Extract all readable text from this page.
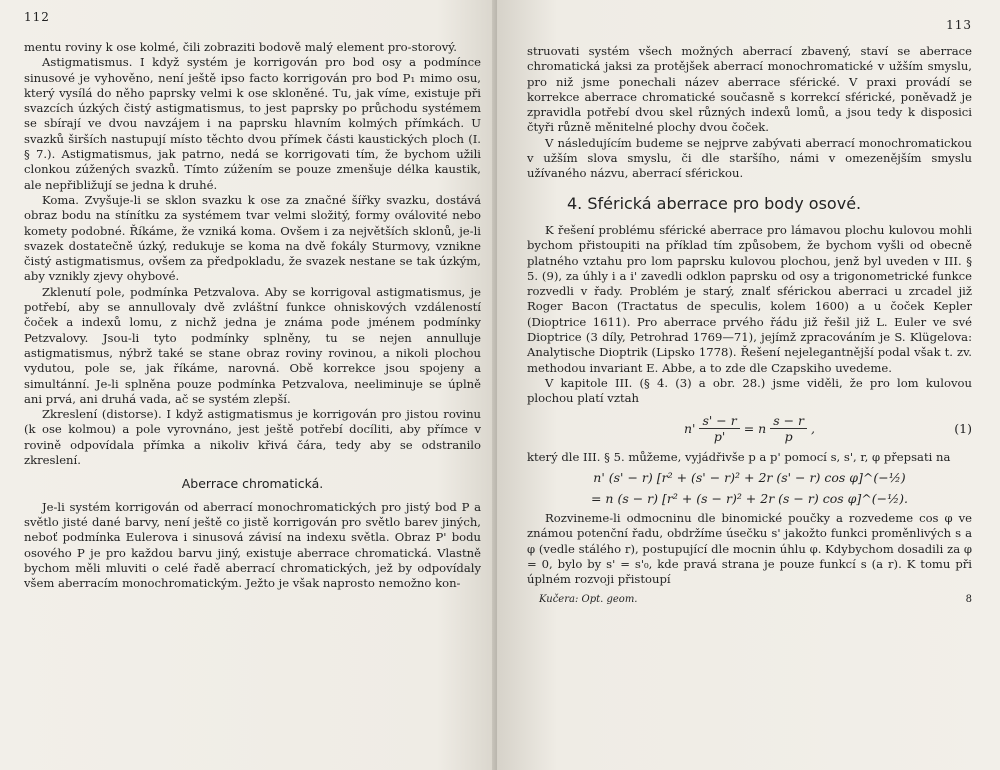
112

mentu roviny k ose kolmé, čili zobraziti bodově malý element pro-storový.

Astigmatismus. I když systém je korrigován pro bod osy a podmínce sinusové je vyhověno, není ještě ipso facto korrigován pro bod P₁ mimo osu, který vysílá do něho paprsky velmi k ose skloněné. Tu, jak víme, existuje při svazcích úzkých čistý astigmatismus, to jest paprsky po průchodu systémem se sbírají ve dvou navzájem i na paprsku hlavním kolmých přímkách. U svazků širších nastupují místo těchto dvou přímek části kaustických ploch (I. § 7.). Astigmatismus, jak patrno, nedá se korrigovati tím, že bychom užili clonkou zúžených svazků. Tímto zúžením se pouze zmenšuje délka kaustik, ale nepřibližují se jedna k druhé.

Koma. Zvyšuje-li se sklon svazku k ose za značné šířky svazku, dostává obraz bodu na stínítku za systémem tvar velmi složitý, formy oválovité nebo komety podobné. Říkáme, že vzniká koma. Ovšem i za největších sklonů, je-li svazek dostatečně úzký, redukuje se koma na dvě fokály Sturmovy, vznikne čistý astigmatismus, ovšem za předpokladu, že svazek nestane se tak úzkým, aby vznikly zjevy ohybové.

Zklenutí pole, podmínka Petzvalova. Aby se korrigoval astigmatismus, je potřebí, aby se annullovaly dvě zvláštní funkce ohniskových vzdáleností čoček a indexů lomu, z nichž jedna je známa pode jménem podmínky Petzvalovy. Jsou-li tyto podmínky splněny, tu se nejen annulluje astigmatismus, nýbrž také se stane obraz roviny rovinou, a nikoli plochou vydutou, pole se, jak říkáme, narovná. Obě korrekce jsou spojeny a simultánní. Je-li splněna pouze podmínka Petzvalova, neeliminuje se úplně ani prvá, ani druhá vada, ač se systém zlepší.

Zkreslení (distorse). I když astigmatismus je korrigován pro jistou rovinu (k ose kolmou) a pole vyrovnáno, jest ještě potřebí docíliti, aby přímce v rovině odpovídala přímka a nikoliv křivá čára, tedy aby se odstranilo zkreslení.

Aberrace chromatická.

Je-li systém korrigován od aberrací monochromatických pro jistý bod P a světlo jisté dané barvy, není ještě co jistě korrigován pro světlo barev jiných, neboť podmínka Eulerova i sinusová závisí na indexu světla. Obraz P' bodu osového P je pro každou barvu jiný, existuje aberrace chromatická. Vlastně bychom měli mluviti o celé řadě aberrací chromatických, jež by odpovídaly všem aberracím monochromatickým. Ježto je však naprosto nemožno kon-

113

struovati systém všech možných aberrací zbavený, staví se aberrace chromatická jaksi za protějšek aberrací monochromatické v užším smyslu, pro niž jsme ponechali název aberrace sférické. V praxi provádí se korrekce aberrace chromatické současně s korrekcí sférické, poněvadž je zpravidla potřebí dvou skel různých indexů lomů, a jsou tedy k disposici čtyři různě měnitelné plochy dvou čoček.

V následujícím budeme se nejprve zabývati aberrací monochromatickou v užším slova smyslu, či dle staršího, námi v omezenějším smyslu užívaného názvu, aberrací sférickou.

4. Sférická aberrace pro body osové.

K řešení problému sférické aberrace pro lámavou plochu kulovou mohli bychom přistoupiti na příklad tím způsobem, že bychom vyšli od obecně platného vztahu pro lom paprsku kulovou plochou, jenž byl uveden v III. § 5. (9), za úhly i a i' zavedli odklon paprsku od osy a trigonometrické funkce rozvedli v řady. Problém je starý, znalť sférickou aberraci u zrcadel již Roger Bacon (Tractatus de speculis, kolem 1600) a u čoček Kepler (Dioptrice 1611). Pro aberrace prvého řádu již řešil již L. Euler ve své Dioptrice (3 díly, Petrohrad 1769—71), jejímž zpracováním je S. Klügelova: Analytische Dioptrik (Lipsko 1778). Řešení nejelegantnější podal však t. zv. methodou invariant E. Abbe, a to zde dle Czapskiho uvedeme.

V kapitole III. (§ 4. (3) a obr. 28.) jsme viděli, že pro lom kulovou plochou platí vztah

$n' \frac{s' - r}{p'} = n \frac{s - r}{p}$ ,	(1)

který dle III. § 5. můžeme, vyjádřivše p a p' pomocí s, s', r, φ přepsati na

n' (s' − r) [r² + (s' − r)² + 2r (s' − r) cos φ]^(−½)
= n (s − r) [r² + (s − r)² + 2r (s − r) cos φ]^(−½).

Rozvineme-li odmocninu dle binomické poučky a rozvedeme cos φ ve známou potenční řadu, obdržíme úsečku s' jakožto funkci proměnlivých s a φ (vedle stálého r), postupující dle mocnin úhlu φ. Kdybychom dosadili za φ = 0, bylo by s' = s'₀, kde pravá strana je pouze funkcí s (a r). K tomu při úplném rozvoji přistoupí

Kučera: Opt. geom.	8
